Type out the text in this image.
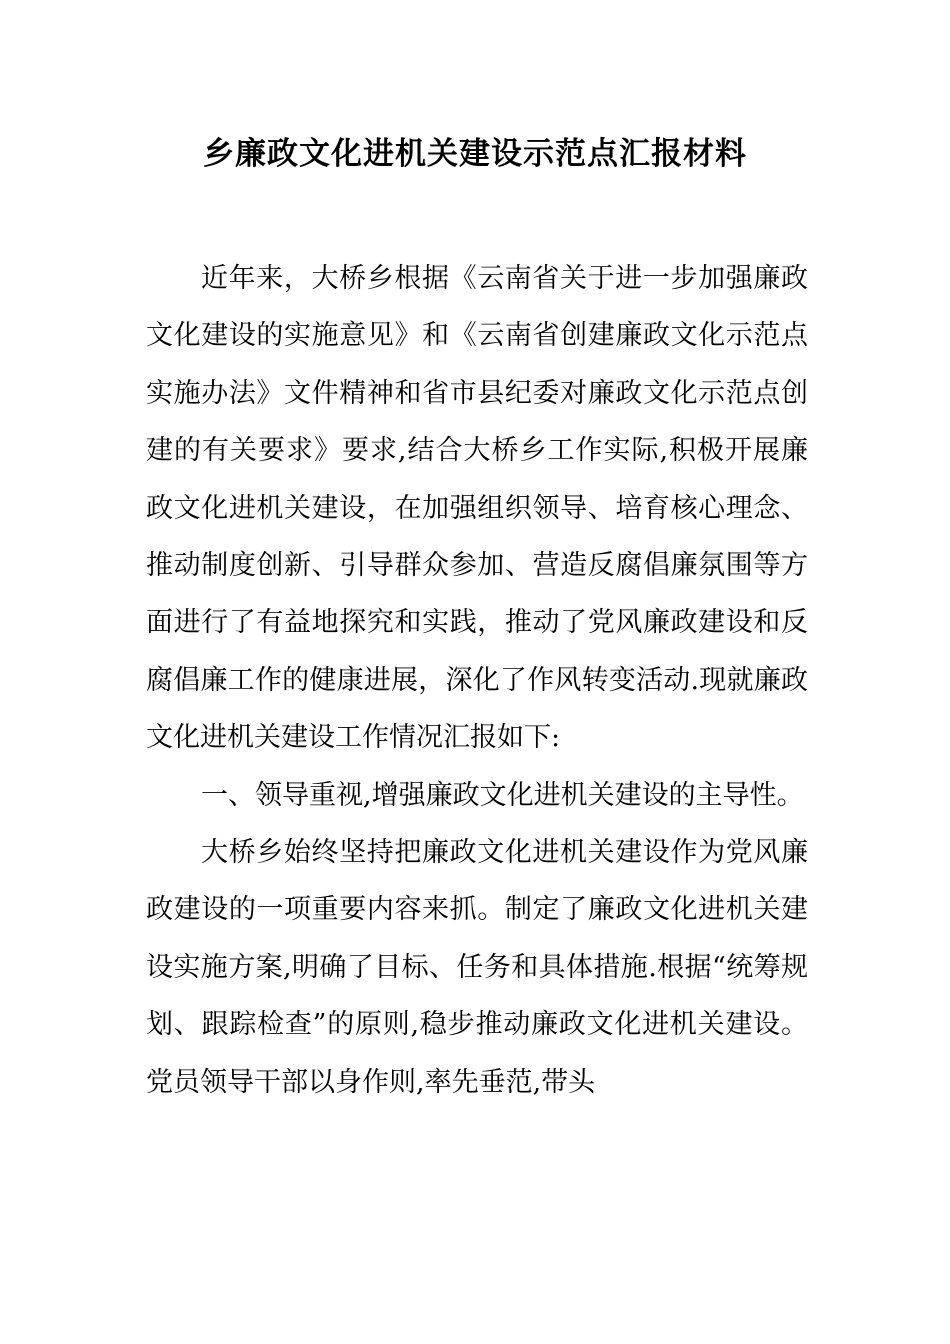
乡廉政文化进机关建设示范点汇报材料

近年来，大桥乡根据《云南省关于进一步加强廉政文化建设的实施意见》和《云南省创建廉政文化示范点实施办法》文件精神和省市县纪委对廉政文化示范点创建的有关要求》要求,结合大桥乡工作实际,积极开展廉政文化进机关建设，在加强组织领导、培育核心理念、推动制度创新、引导群众参加、营造反腐倡廉氛围等方面进行了有益地探究和实践，推动了党风廉政建设和反腐倡廉工作的健康进展，深化了作风转变活动.现就廉政文化进机关建设工作情况汇报如下:

一、领导重视,增强廉政文化进机关建设的主导性。

大桥乡始终坚持把廉政文化进机关建设作为党风廉政建设的一项重要内容来抓。制定了廉政文化进机关建设实施方案,明确了目标、任务和具体措施.根据“统筹规划、跟踪检查”的原则,稳步推动廉政文化进机关建设。党员领导干部以身作则,率先垂范,带头
